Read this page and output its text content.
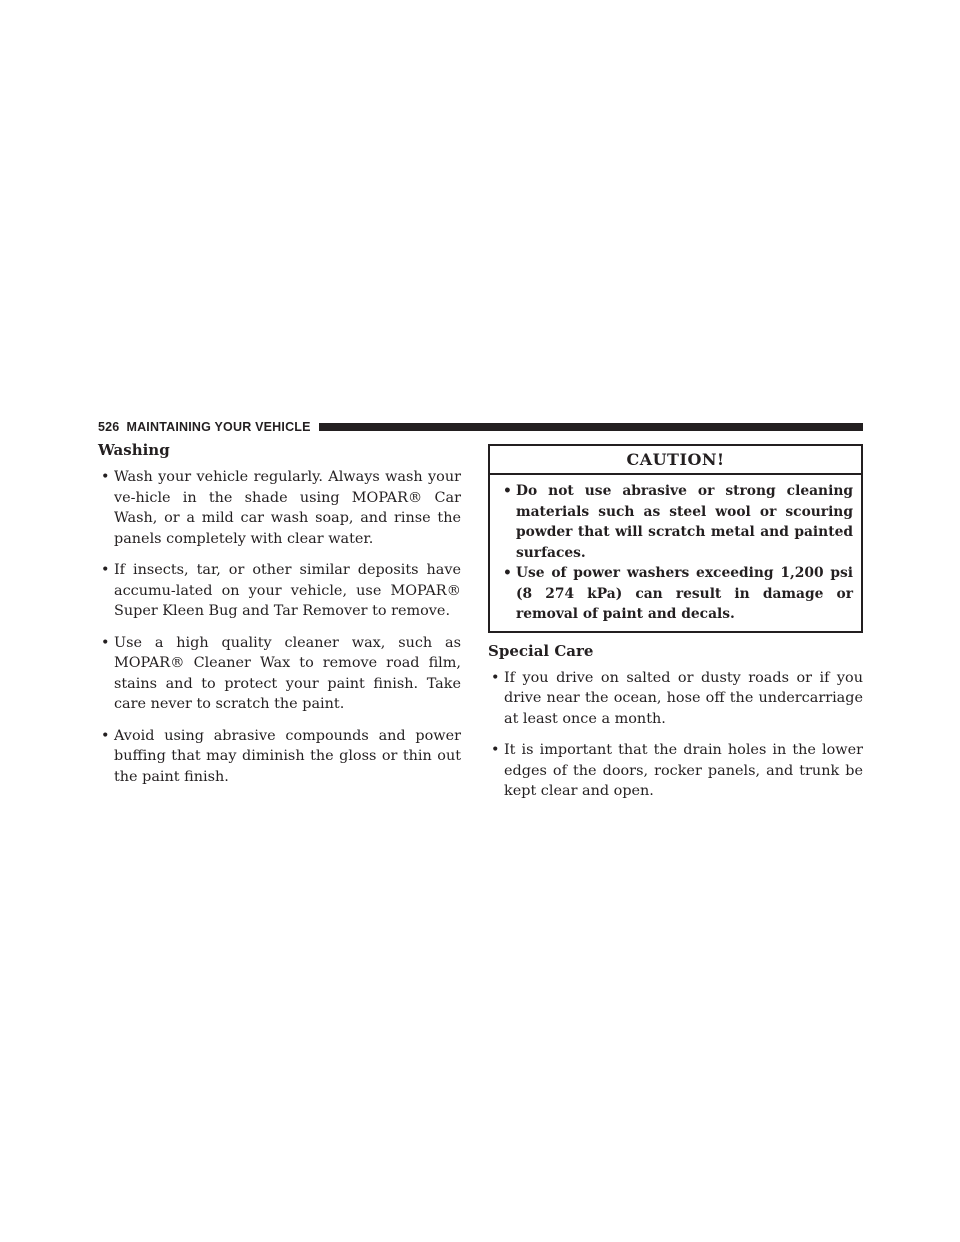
526 MAINTAINING YOUR VEHICLE
Washing
• Wash your vehicle regularly. Always wash your ve-hicle in the shade using MOPAR® Car Wash, or a mild car wash soap, and rinse the panels completely with clear water.
• If insects, tar, or other similar deposits have accumu-lated on your vehicle, use MOPAR® Super Kleen Bug and Tar Remover to remove.
• Use a high quality cleaner wax, such as MOPAR® Cleaner Wax to remove road film, stains and to protect your paint finish. Take care never to scratch the paint.
• Avoid using abrasive compounds and power buffing that may diminish the gloss or thin out the paint finish.
CAUTION!
• Do not use abrasive or strong cleaning materials such as steel wool or scouring powder that will scratch metal and painted surfaces.
• Use of power washers exceeding 1,200 psi (8 274 kPa) can result in damage or removal of paint and decals.
Special Care
• If you drive on salted or dusty roads or if you drive near the ocean, hose off the undercarriage at least once a month.
• It is important that the drain holes in the lower edges of the doors, rocker panels, and trunk be kept clear and open.
